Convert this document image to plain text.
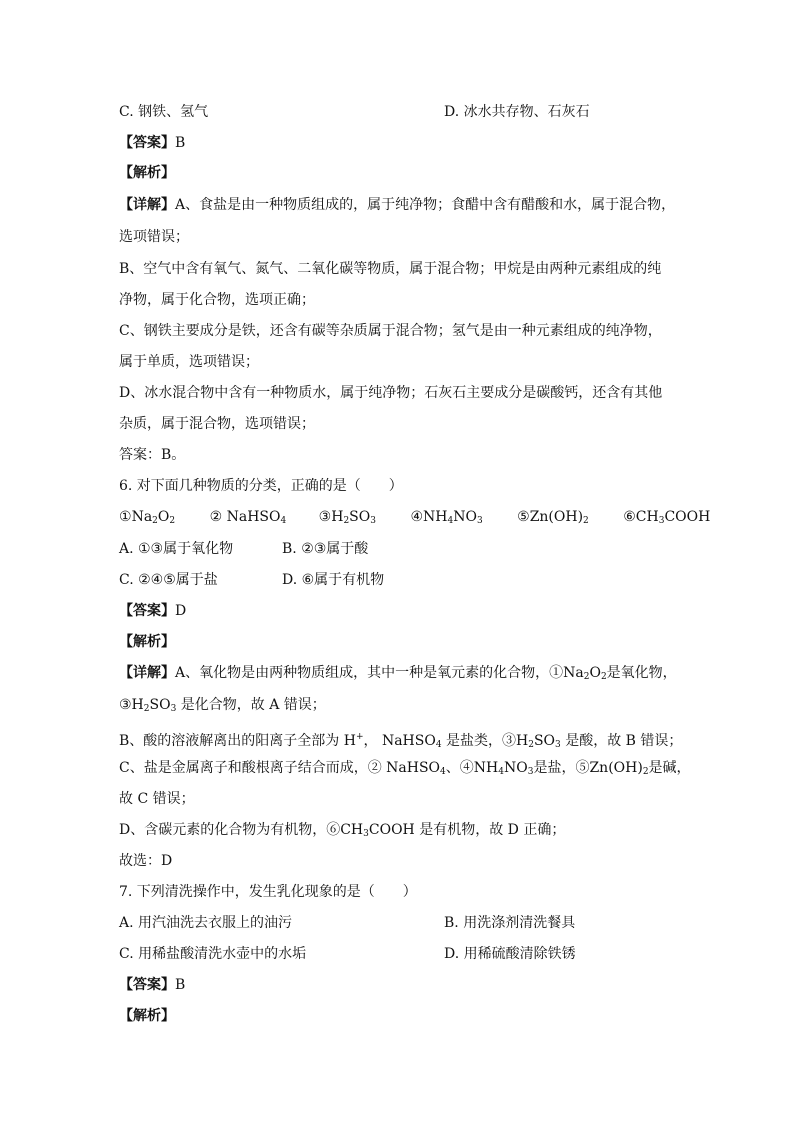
C. 钢铁、氢气	D. 冰水共存物、石灰石
【答案】B
【解析】
【详解】A、食盐是由一种物质组成的，属于纯净物；食醋中含有醋酸和水，属于混合物，
选项错误；
B、空气中含有氧气、氮气、二氧化碳等物质，属于混合物；甲烷是由两种元素组成的纯
净物，属于化合物，选项正确；
C、钢铁主要成分是铁，还含有碳等杂质属于混合物；氢气是由一种元素组成的纯净物，
属于单质，选项错误；
D、冰水混合物中含有一种物质水，属于纯净物；石灰石主要成分是碳酸钙，还含有其他
杂质，属于混合物，选项错误；
答案：B。
6. 对下面几种物质的分类，正确的是（　　）
$①Na_2O_2$ ② NaHSO$_4$ $③H_2SO_3$ $④NH_4NO_3$ $⑤Zn(OH)_2$ $⑥CH_3COOH$
A. ①③属于氧化物	B. ②③属于酸
C. ②④⑤属于盐	D. ⑥属于有机物
【答案】D
【解析】
【详解】A、氧化物是由两种物质组成，其中一种是氧元素的化合物，$①Na_2O_2$是氧化物，
$③H_2SO_3$ 是化合物，故 A 错误；
B、酸的溶液解离出的阳离子全部为 H+， NaHSO$_4$ 是盐类，$③H_2SO_3$ 是酸，故 B 错误；
C、盐是金属离子和酸根离子结合而成，② NaHSO$_4$、$④NH_4NO_3$是盐，$⑤Zn(OH)_2$是碱，
故 C 错误；
D、含碳元素的化合物为有机物，$⑥CH_3COOH$ 是有机物，故 D 正确；
故选：D
7. 下列清洗操作中，发生乳化现象的是（　　）
A. 用汽油洗去衣服上的油污	B. 用洗涤剂清洗餐具
C. 用稀盐酸清洗水壶中的水垢	D. 用稀硫酸清除铁锈
【答案】B
【解析】
